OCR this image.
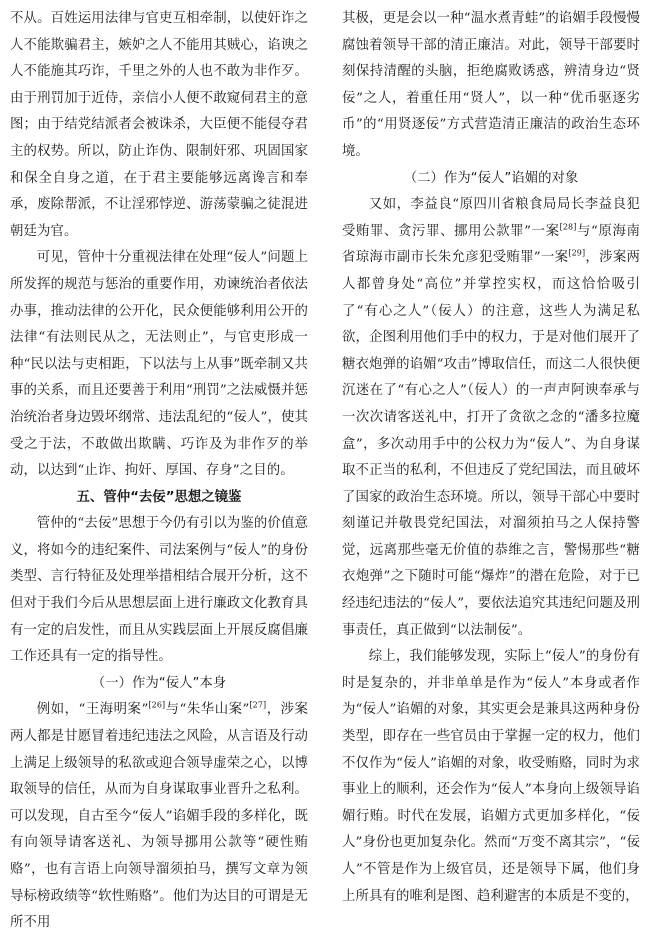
不从。百姓运用法律与官吏互相牵制，以使奸诈之人不能欺骗君主，嫉妒之人不能用其贼心，谄谀之人不能施其巧诈，千里之外的人也不敢为非作歹。由于刑罚加于近侍，亲信小人便不敢窥伺君主的意图；由于结党结派者会被诛杀，大臣便不能侵夺君主的权势。所以，防止诈伪、限制奸邪、巩固国家和保全自身之道，在于君主要能够远离谗言和奉承，废除帮派，不让淫邪悖逆、游荡蒙骗之徒混进朝廷为官。

可见，管仲十分重视法律在处理“佞人”问题上所发挥的规范与惩治的重要作用，劝谏统治者依法办事，推动法律的公开化，民众便能够利用公开的法律“有法则民从之，无法则止”，与官吏形成一种“民以法与吏相距，下以法与上从事”既牵制又共事的关系，而且还要善于利用“刑罚”之法威慑并惩治统治者身边毁坏纲常、违法乱纪的“佞人”，使其受之于法，不敢做出欺瞒、巧诈及为非作歹的举动，以达到“止诈、拘奸、厚国、存身”之目的。

五、管仲“去佞”思想之镜鉴

管仲的“去佞”思想于今仍有引以为鉴的价值意义，将如今的违纪案件、司法案例与“佞人”的身份类型、言行特征及处理举措相结合展开分析，这不但对于我们今后从思想层面上进行廉政文化教育具有一定的启发性，而且从实践层面上开展反腐倡廉工作还具有一定的指导性。

（一）作为“佞人”本身

例如，“王海明案”[26]与“朱华山案”[27]，涉案两人都是甘愿冒着违纪违法之风险，从言语及行动上满足上级领导的私欲或迎合领导虚荣之心，以博取领导的信任，从而为自身谋取事业晋升之私利。可以发现，自古至今“佞人”谄媚手段的多样化，既有向领导请客送礼、为领导挪用公款等“硬性贿赂”，也有言语上向领导溜须拍马，撰写文章为领导标榜政绩等“软性贿赂”。他们为达目的可谓是无所不用

其极，更是会以一种“温水煮青蛙”的谄媚手段慢慢腐蚀着领导干部的清正廉洁。对此，领导干部要时刻保持清醒的头脑，拒绝腐败诱惑，辨清身边“贤佞”之人，着重任用“贤人”，以一种“优币驱逐劣币”的“用贤逐佞”方式营造清正廉洁的政治生态环境。

（二）作为“佞人”谄媚的对象

又如，李益良“原四川省粮食局局长李益良犯受贿罪、贪污罪、挪用公款罪”一案[28]与“原海南省琼海市副市长朱允彦犯受贿罪”一案[29]，涉案两人都曾身处“高位”并掌控实权，而这恰恰吸引了“有心之人”（佞人）的注意，这些人为满足私欲，企图利用他们手中的权力，于是对他们展开了糖衣炮弹的谄媚“攻击”博取信任，而这二人很快便沉迷在了“有心之人”（佞人）的一声声阿谀奉承与一次次请客送礼中，打开了贪欲之念的“潘多拉魔盒”，多次动用手中的公权力为“佞人”、为自身谋取不正当的私利，不但违反了党纪国法，而且破坏了国家的政治生态环境。所以，领导干部心中要时刻谨记并敬畏党纪国法，对溜须拍马之人保持警觉，远离那些毫无价值的恭维之言，警惕那些“糖衣炮弹”之下随时可能“爆炸”的潜在危险，对于已经违纪违法的“佞人”，要依法追究其违纪问题及刑事责任，真正做到“以法制佞”。

综上，我们能够发现，实际上“佞人”的身份有时是复杂的，并非单单是作为“佞人”本身或者作为“佞人”谄媚的对象，其实更会是兼具这两种身份类型，即存在一些官员由于掌握一定的权力，他们不仅作为“佞人”谄媚的对象，收受贿赂，同时为求事业上的顺利，还会作为“佞人”本身向上级领导谄媚行贿。时代在发展，谄媚方式更加多样化，“佞人”身份也更加复杂化。然而“万变不离其宗”，“佞人”不管是作为上级官员，还是领导下属，他们身上所具有的唯利是图、趋利避害的本质是不变的，
